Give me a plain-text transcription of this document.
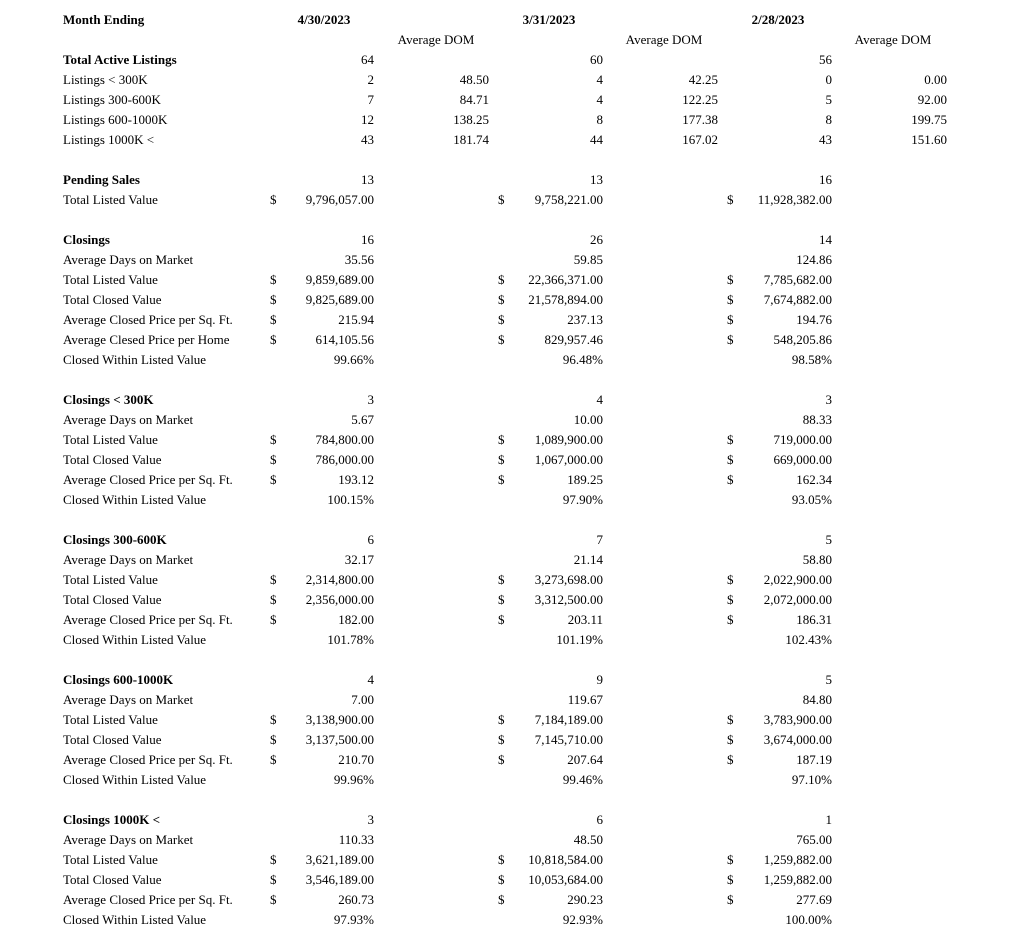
Month Ending	4/30/2023	3/31/2023	2/28/2023
Average DOM	Average DOM	Average DOM
Total Active Listings	64	60	56
Listings < 300K	2	48.50	4	42.25	0	0.00
Listings 300-600K	7	84.71	4	122.25	5	92.00
Listings 600-1000K	12	138.25	8	177.38	8	199.75
Listings 1000K <	43	181.74	44	167.02	43	151.60
Pending Sales	13	13	16
Total Listed Value	$	9,796,057.00	$	9,758,221.00	$	11,928,382.00
Closings	16	26	14
Average Days on Market	35.56	59.85	124.86
Total Listed Value	$	9,859,689.00	$	22,366,371.00	$	7,785,682.00
Total Closed Value	$	9,825,689.00	$	21,578,894.00	$	7,674,882.00
Average Closed Price per Sq. Ft.	$	215.94	$	237.13	$	194.76
Average Clesed Price per Home	$	614,105.56	$	829,957.46	$	548,205.86
Closed Within Listed Value	99.66%	96.48%	98.58%
Closings < 300K	3	4	3
Average Days on Market	5.67	10.00	88.33
Total Listed Value	$	784,800.00	$	1,089,900.00	$	719,000.00
Total Closed Value	$	786,000.00	$	1,067,000.00	$	669,000.00
Average Closed Price per Sq. Ft.	$	193.12	$	189.25	$	162.34
Closed Within Listed Value	100.15%	97.90%	93.05%
Closings 300-600K	6	7	5
Average Days on Market	32.17	21.14	58.80
Total Listed Value	$	2,314,800.00	$	3,273,698.00	$	2,022,900.00
Total Closed Value	$	2,356,000.00	$	3,312,500.00	$	2,072,000.00
Average Closed Price per Sq. Ft.	$	182.00	$	203.11	$	186.31
Closed Within Listed Value	101.78%	101.19%	102.43%
Closings 600-1000K	4	9	5
Average Days on Market	7.00	119.67	84.80
Total Listed Value	$	3,138,900.00	$	7,184,189.00	$	3,783,900.00
Total Closed Value	$	3,137,500.00	$	7,145,710.00	$	3,674,000.00
Average Closed Price per Sq. Ft.	$	210.70	$	207.64	$	187.19
Closed Within Listed Value	99.96%	99.46%	97.10%
Closings 1000K <	3	6	1
Average Days on Market	110.33	48.50	765.00
Total Listed Value	$	3,621,189.00	$	10,818,584.00	$	1,259,882.00
Total Closed Value	$	3,546,189.00	$	10,053,684.00	$	1,259,882.00
Average Closed Price per Sq. Ft.	$	260.73	$	290.23	$	277.69
Closed Within Listed Value	97.93%	92.93%	100.00%
